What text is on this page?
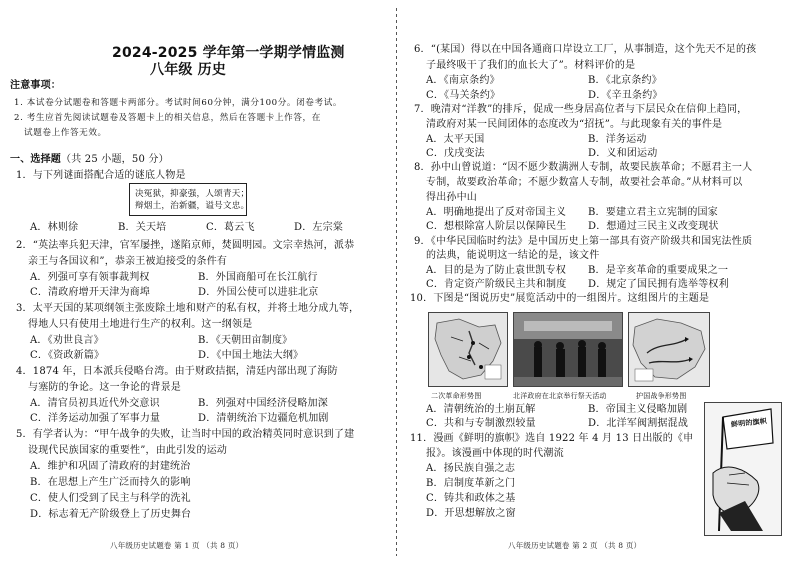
2024-2025 学年第一学期学情监测
八年级 历史
注意事项：
1. 本试卷分试题卷和答题卡两部分。考试时间60分钟，满分100分。闭卷考试。
2. 考生应首先阅读试题卷及答题卡上的相关信息，然后在答题卡上作答，在
试题卷上作答无效。
一、选择题（共 25 小题，50 分）
1．与下列谜面搭配合适的谜底人物是
决冤狱，抑豪强，人颂青天；
辩烟土，治新疆，谥号文忠。
A．林则徐	B．关天培	C．葛云飞	D．左宗棠
2．“英法率兵犯天津，官军屡挫，遂陷京师，焚圆明园。文宗幸热河，派恭
亲王与各国议和”，恭亲王被迫接受的条件有
A．列强可享有领事裁判权	B．外国商船可在长江航行
C．清政府增开天津为商埠	D．外国公使可以进驻北京
3．太平天国的某项纲领主张废除土地和财产的私有权，并将土地分成九等，
得地人只有使用土地进行生产的权利。这一纲领是
A．《劝世良言》	B．《天朝田亩制度》
C．《资政新篇》	D．《中国土地法大纲》
4．1874 年，日本派兵侵略台湾。由于财政拮据，清廷内部出现了海防
与塞防的争论。这一争论的背景是
A．清官员初具近代外交意识	B．列强对中国经济侵略加深
C．洋务运动加强了军事力量	D．清朝统治下边疆危机加剧
5．有学者认为：“甲午战争的失败，让当时中国的政治精英同时意识到了建
设现代民族国家的重要性”，由此引发的运动
A．维护和巩固了清政府的封建统治
B．在思想上产生广泛而持久的影响
C．使人们受到了民主与科学的洗礼
D．标志着无产阶级登上了历史舞台
八年级历史试题卷 第 1 页 （共 8 页）
6．“(某国）得以在中国各通商口岸设立工厂，从事制造，这个先天不足的孩
子最终吸干了我们的血长大了”。材料评价的是
A．《南京条约》	B．《北京条约》
C．《马关条约》	D．《辛丑条约》
7．晚清对“洋教”的排斥，促成一些身居高位者与下层民众在信仰上趋同，
清政府对某一民间团体的态度改为“招抚”。与此现象有关的事件是
A．太平天国	B．洋务运动
C．戊戌变法	D．义和团运动
8．孙中山曾说道：“因不愿少数满洲人专制，故要民族革命；不愿君主一人
专制，故要政治革命；不愿少数富人专制，故要社会革命。”从材料可以
得出孙中山
A．明确地提出了反对帝国主义 B．要建立君主立宪制的国家
C．想根除富人阶层以保障民生 D．想通过三民主义改变现状
9．《中华民国临时约法》是中国历史上第一部具有资产阶级共和国宪法性质
的法典，能说明这一结论的是，该文件
A．目的是为了防止袁世凯专权 B．是辛亥革命的重要成果之一
C．肯定资产阶级民主共和制度 D．规定了国民拥有选举等权利
10．下图是“图说历史”展览活动中的一组图片。这组图片的主题是
二次革命形势图	北洋政府在北京举行祭天活动	护国战争形势图
A．清朝统治的土崩瓦解	B．帝国主义侵略加剧
C．共和与专制激烈较量	D．北洋军阀割据混战
11．漫画《鲜明的旗帜》选自 1922 年 4 月 13 日出版的《申
报》。该漫画中体现的时代潮流
A．扬民族自强之志
B．启制度革新之门
C．铸共和政体之基
D．开思想解放之窗
鲜明的旗帜
八年级历史试题卷 第 2 页 （共 8 页）
